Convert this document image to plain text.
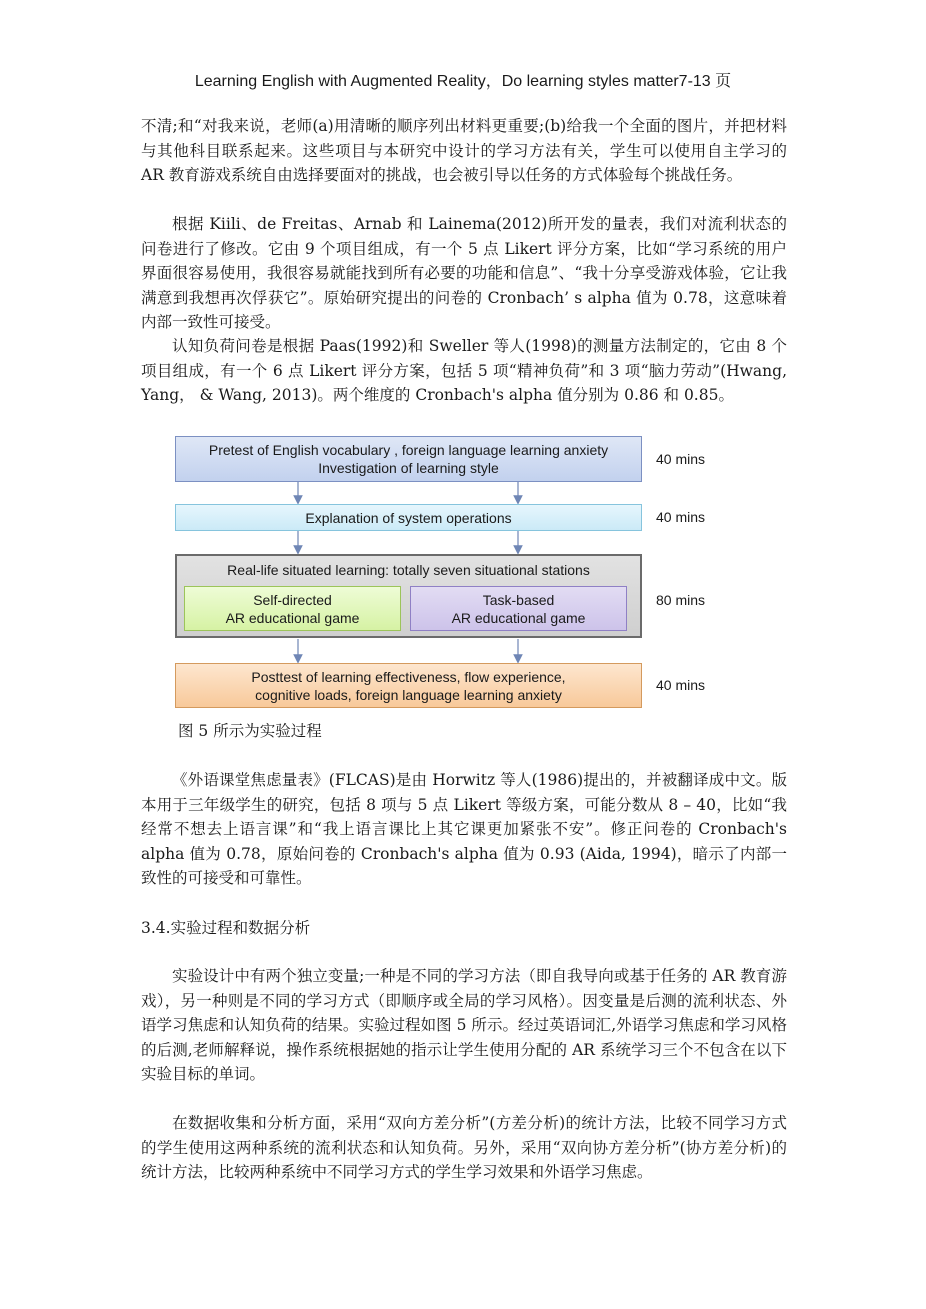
Learning English with Augmented Reality，Do learning styles matter7-13 页

不清;和“对我来说，老师(a)用清晰的顺序列出材料更重要;(b)给我一个全面的图片，并把材料与其他科目联系起来。这些项目与本研究中设计的学习方法有关，学生可以使用自主学习的 AR 教育游戏系统自由选择要面对的挑战，也会被引导以任务的方式体验每个挑战任务。

根据 Kiili、de Freitas、Arnab 和 Lainema(2012)所开发的量表，我们对流利状态的问卷进行了修改。它由 9 个项目组成，有一个 5 点 Likert 评分方案，比如“学习系统的用户界面很容易使用，我很容易就能找到所有必要的功能和信息”、“我十分享受游戏体验，它让我满意到我想再次俘获它”。原始研究提出的问卷的 Cronbach’ s alpha 值为 0.78，这意味着内部一致性可接受。

认知负荷问卷是根据 Paas(1992)和 Sweller 等人(1998)的测量方法制定的，它由 8 个项目组成，有一个 6 点 Likert 评分方案，包括 5 项“精神负荷”和 3 项“脑力劳动”(Hwang, Yang， & Wang, 2013)。两个维度的 Cronbach's alpha 值分别为 0.86 和 0.85。

Pretest of English vocabulary , foreign language learning anxiety
Investigation of learning style
40 mins
Explanation of system operations	40 mins
Real-life situated learning: totally seven situational stations
Self-directed
AR educational game
Task-based
AR educational game
80 mins
Posttest of learning effectiveness, flow experience,
cognitive loads, foreign language learning anxiety
40 mins

图 5 所示为实验过程

《外语课堂焦虑量表》(FLCAS)是由 Horwitz 等人(1986)提出的，并被翻译成中文。版本用于三年级学生的研究，包括 8 项与 5 点 Likert 等级方案，可能分数从 8 – 40，比如“我经常不想去上语言课”和“我上语言课比上其它课更加紧张不安”。修正问卷的 Cronbach's alpha 值为 0.78，原始问卷的 Cronbach's alpha 值为 0.93 (Aida, 1994)，暗示了内部一致性的可接受和可靠性。

3.4.实验过程和数据分析

实验设计中有两个独立变量;一种是不同的学习方法（即自我导向或基于任务的 AR 教育游戏），另一种则是不同的学习方式（即顺序或全局的学习风格）。因变量是后测的流利状态、外语学习焦虑和认知负荷的结果。实验过程如图 5 所示。经过英语词汇,外语学习焦虑和学习风格的后测,老师解释说，操作系统根据她的指示让学生使用分配的 AR 系统学习三个不包含在以下实验目标的单词。

在数据收集和分析方面，采用“双向方差分析”(方差分析)的统计方法，比较不同学习方式的学生使用这两种系统的流利状态和认知负荷。另外，采用“双向协方差分析”(协方差分析)的统计方法，比较两种系统中不同学习方式的学生学习效果和外语学习焦虑。
